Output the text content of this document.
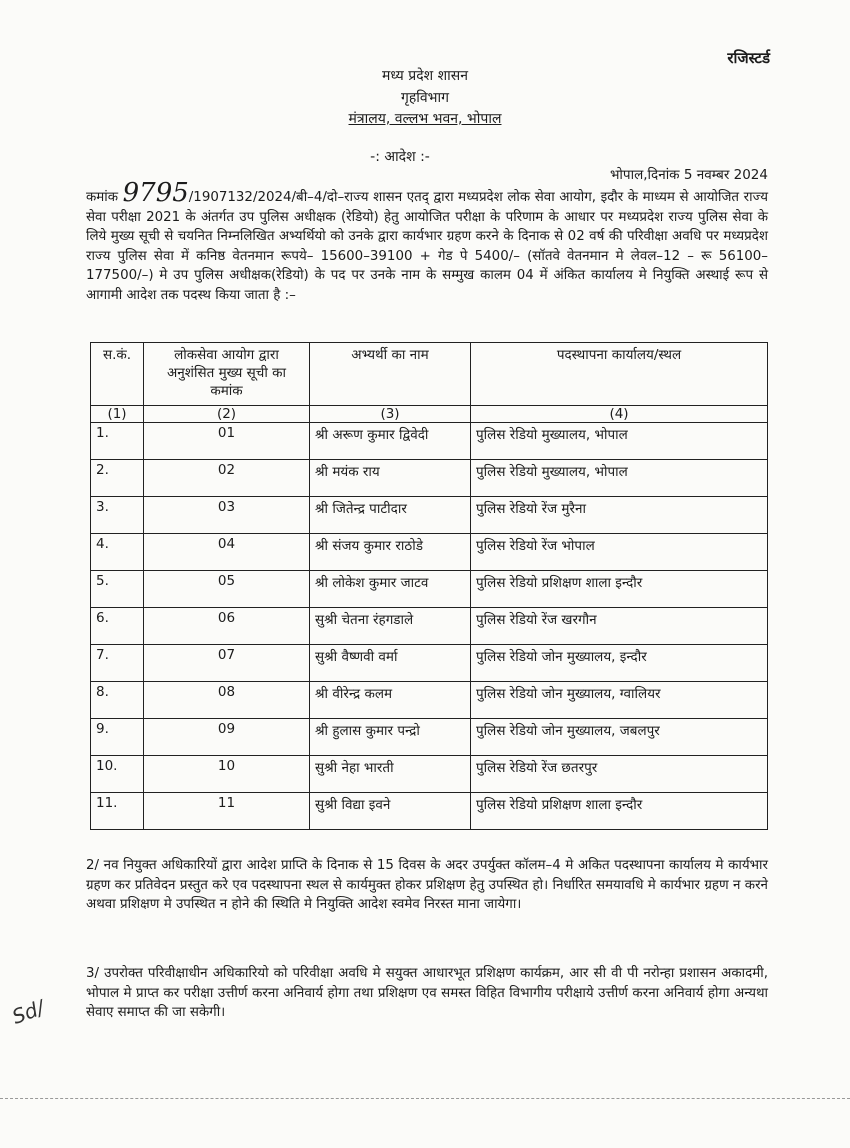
रजिस्टर्ड
मध्य प्रदेश शासन
गृहविभाग
मंत्रालय, वल्लभ भवन, भोपाल
-: आदेश :-
भोपाल,दिनांक 5 नवम्बर 2024
कमांक 9795/1907132/2024/बी–4/दो–राज्य शासन एतद् द्वारा मध्यप्रदेश लोक सेवा आयोग, इदौर के माध्यम से आयोजित राज्य सेवा परीक्षा 2021 के अंतर्गत उप पुलिस अधीक्षक (रेडियो) हेतु आयोजित परीक्षा के परिणाम के आधार पर मध्यप्रदेश राज्य पुलिस सेवा के लिये मुख्य सूची से चयनित निम्नलिखित अभ्यर्थियो को उनके द्वारा कार्यभार ग्रहण करने के दिनाक से 02 वर्ष की परिवीक्षा अवधि पर मध्यप्रदेश राज्य पुलिस सेवा में कनिष्ठ वेतनमान रूपये– 15600–39100 + गेड पे 5400/– (सॉतवे वेतनमान मे लेवल–12 – रू 56100–177500/–) मे उप पुलिस अधीक्षक(रेडियो) के पद पर उनके नाम के सम्मुख कालम 04 में अंकित कार्यालय मे नियुक्ति अस्थाई रूप से आगामी आदेश तक पदस्थ किया जाता है :–
स.कं.	लोकसेवा आयोग द्वारा अनुशंसित मुख्य सूची का कमांक	अभ्यर्थी का नाम	पदस्थापना कार्यालय/स्थल
(1)	(2)	(3)	(4)
1.	01	श्री अरूण कुमार द्विवेदी	पुलिस रेडियो मुख्यालय, भोपाल
2.	02	श्री मयंक राय	पुलिस रेडियो मुख्यालय, भोपाल
3.	03	श्री जितेन्द्र पाटीदार	पुलिस रेडियो रेंज मुरैना
4.	04	श्री संजय कुमार राठोडे	पुलिस रेडियो रेंज भोपाल
5.	05	श्री लोकेश कुमार जाटव	पुलिस रेडियो प्रशिक्षण शाला इन्दौर
6.	06	सुश्री चेतना रंहगडाले	पुलिस रेडियो रेंज खरगौन
7.	07	सुश्री वैष्णवी वर्मा	पुलिस रेडियो जोन मुख्यालय, इन्दौर
8.	08	श्री वीरेन्द्र कलम	पुलिस रेडियो जोन मुख्यालय, ग्वालियर
9.	09	श्री हुलास कुमार पन्द्रो	पुलिस रेडियो जोन मुख्यालय, जबलपुर
10.	10	सुश्री नेहा भारती	पुलिस रेडियो रेंज छतरपुर
11.	11	सुश्री विद्या इवने	पुलिस रेडियो प्रशिक्षण शाला इन्दौर
2/ नव नियुक्त अधिकारियों द्वारा आदेश प्राप्ति के दिनाक से 15 दिवस के अदर उपर्युक्त कॉलम–4 मे अकित पदस्थापना कार्यालय मे कार्यभार ग्रहण कर प्रतिवेदन प्रस्तुत करे एव पदस्थापना स्थल से कार्यमुक्त होकर प्रशिक्षण हेतु उपस्थित हो। निर्धारित समयावधि मे कार्यभार ग्रहण न करने अथवा प्रशिक्षण मे उपस्थित न होने की स्थिति मे नियुक्ति आदेश स्वमेव निरस्त माना जायेगा।
3/ उपरोक्त परिवीक्षाधीन अधिकारियो को परिवीक्षा अवधि मे सयुक्त आधारभूत प्रशिक्षण कार्यक्रम, आर सी वी पी नरोन्हा प्रशासन अकादमी, भोपाल मे प्राप्त कर परीक्षा उत्तीर्ण करना अनिवार्य होगा तथा प्रशिक्षण एव समस्त विहित विभागीय परीक्षाये उत्तीर्ण करना अनिवार्य होगा अन्यथा सेवाए समाप्त की जा सकेगी।
Sd/
